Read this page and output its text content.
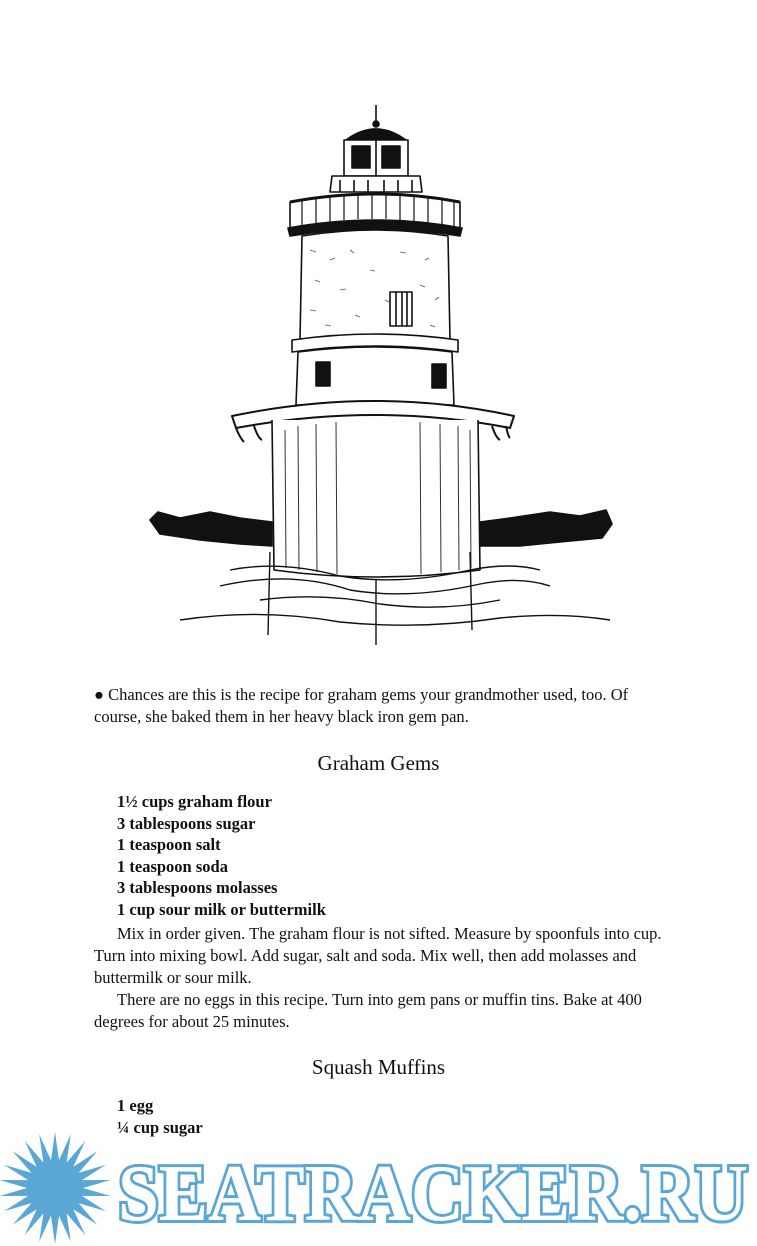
● Chances are this is the recipe for graham gems your grandmother used, too. Of course, she baked them in her heavy black iron gem pan.
Graham Gems
1½ cups graham flour
3 tablespoons sugar
1 teaspoon salt
1 teaspoon soda
3 tablespoons molasses
1 cup sour milk or buttermilk

Mix in order given. The graham flour is not sifted. Measure by spoonfuls into cup. Turn into mixing bowl. Add sugar, salt and soda. Mix well, then add molasses and buttermilk or sour milk.

There are no eggs in this recipe. Turn into gem pans or muffin tins. Bake at 400 degrees for about 25 minutes.

Squash Muffins
1 egg
¼ cup sugar
SEATRACKER.RU
